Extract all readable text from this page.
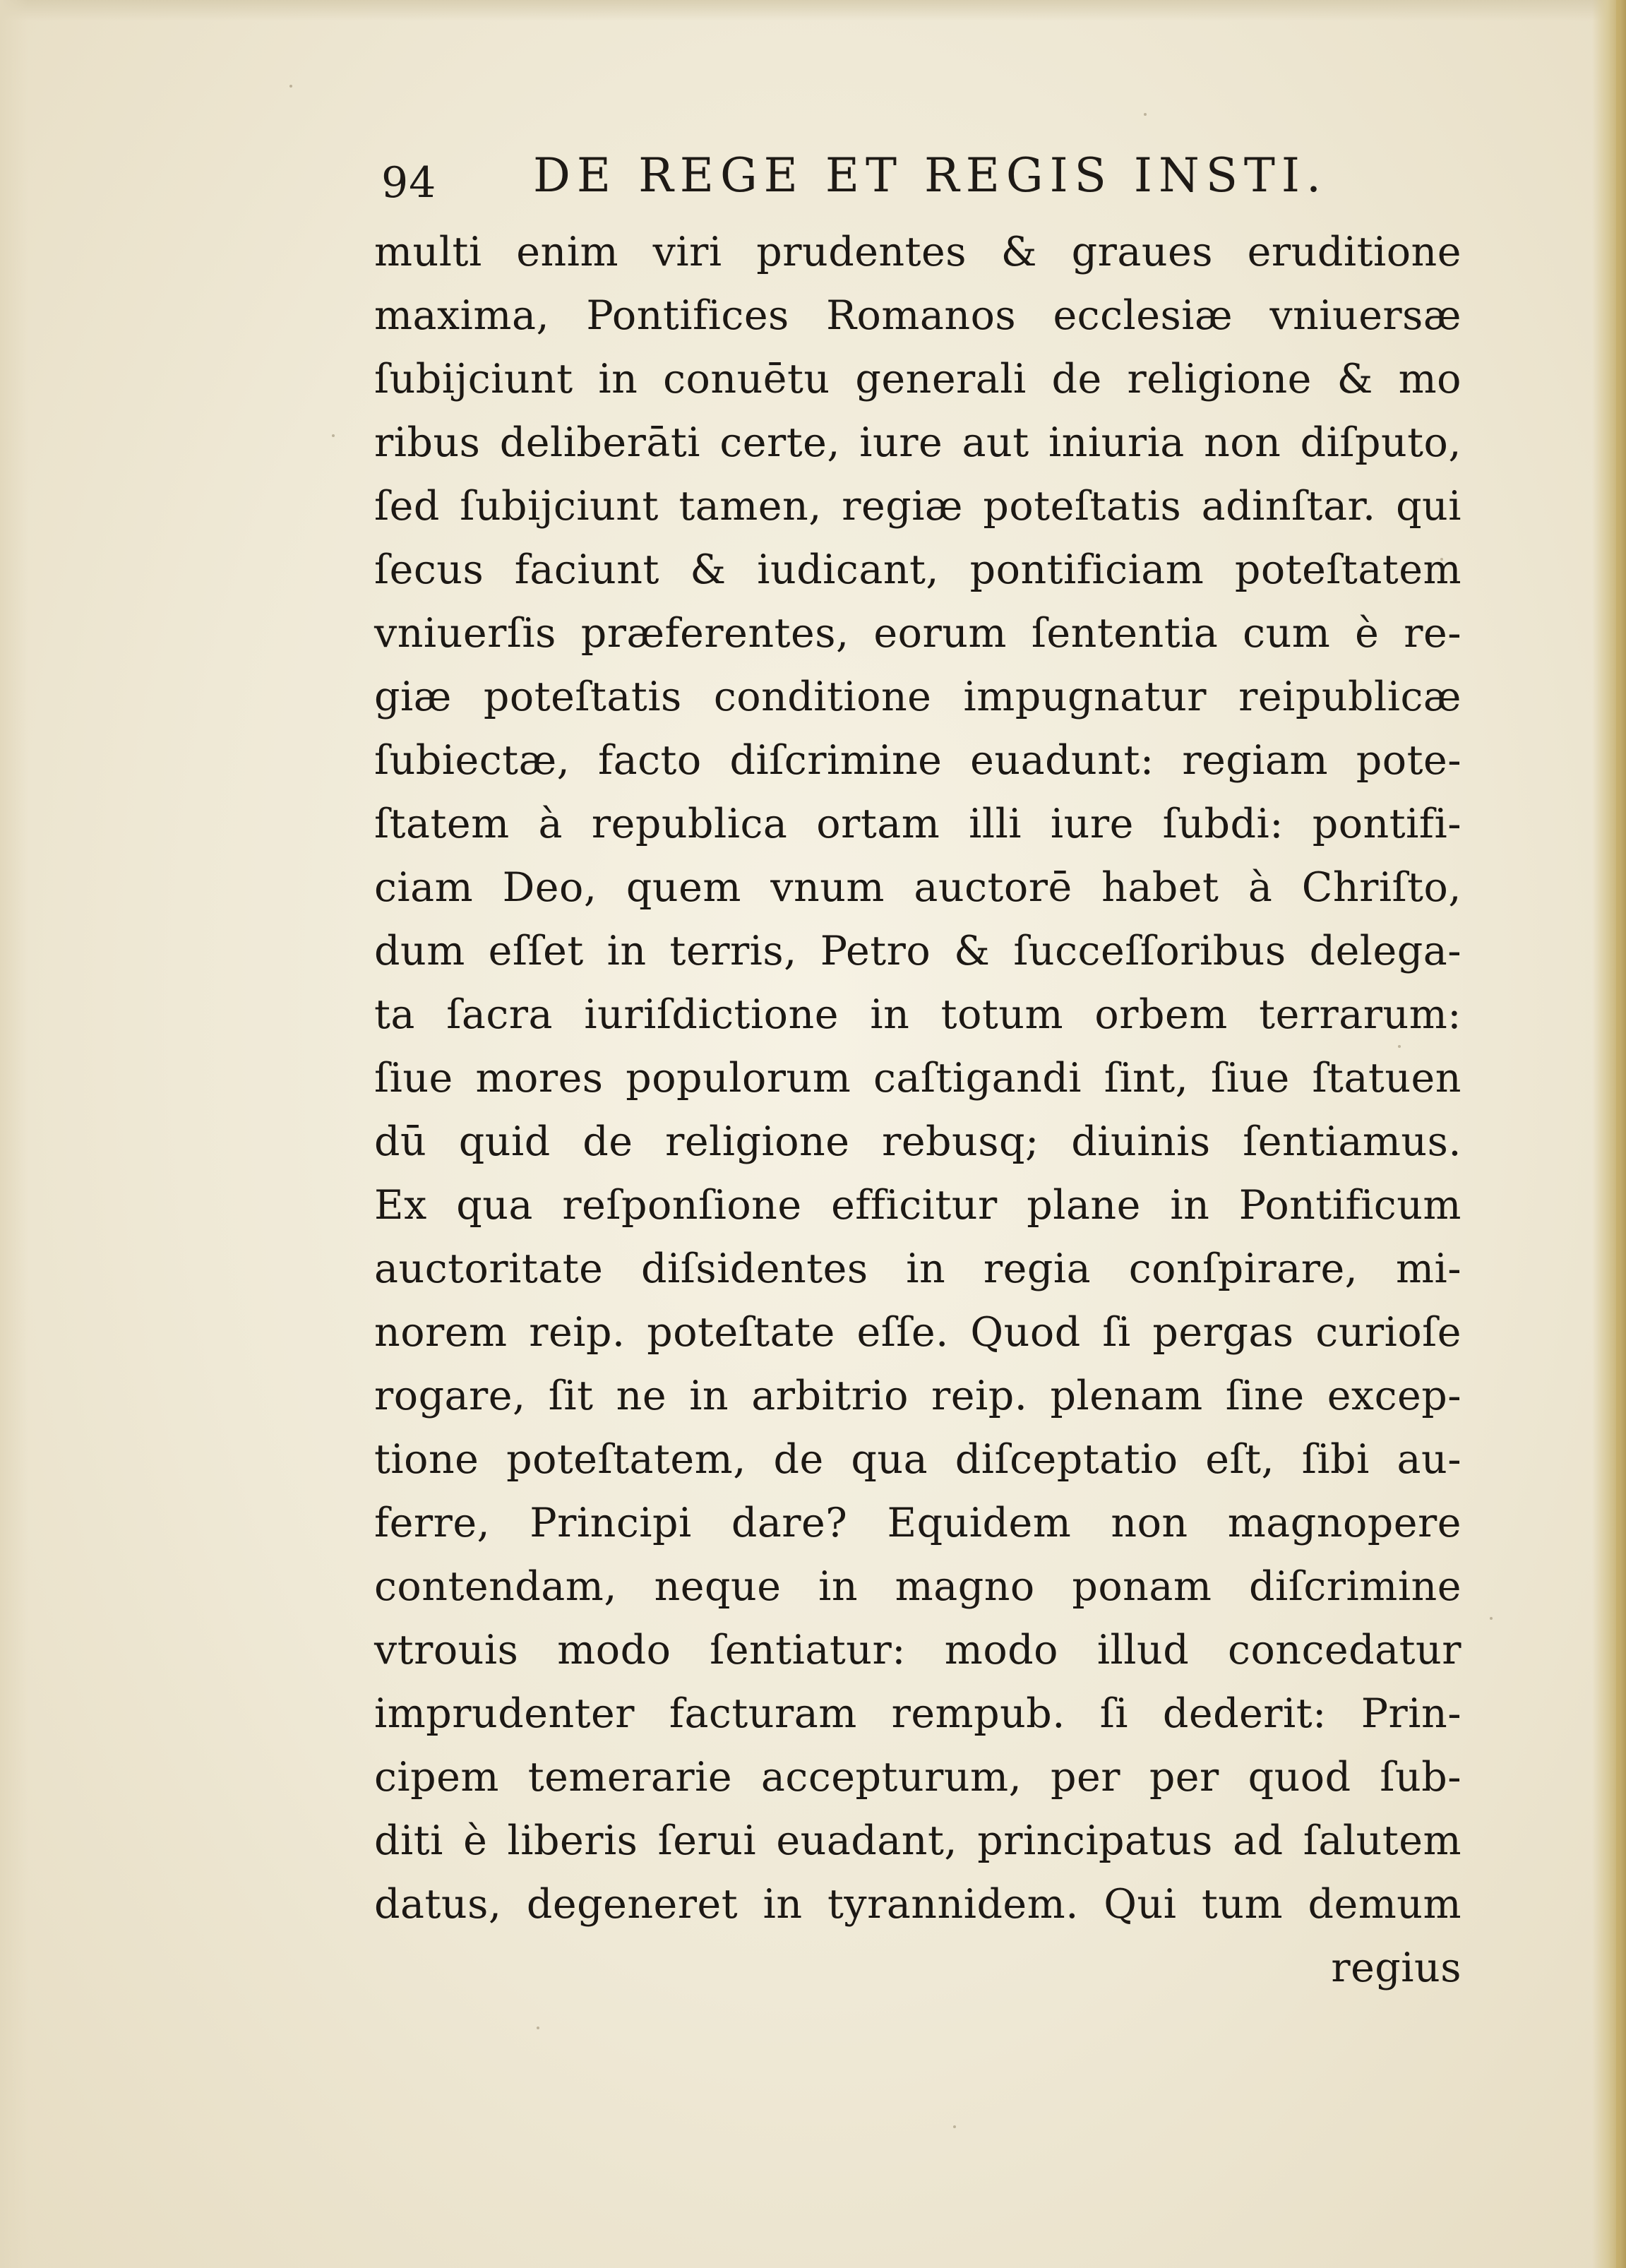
94 DE REGE ET REGIS INSTI.
multi enim viri prudentes & graues eruditione
maxima, Pontifices Romanos ecclesiæ vniuersæ
ſubijciunt in conuētu generali de religione & mo
ribus deliberāti certe, iure aut iniuria non diſputo,
ſed ſubijciunt tamen, regiæ poteſtatis adinſtar. qui
ſecus faciunt & iudicant, pontificiam poteſtatem
vniuerſis præferentes, eorum ſententia cum è re-
giæ poteſtatis conditione impugnatur reipublicæ
ſubiectæ, facto diſcrimine euadunt: regiam pote-
ſtatem à republica ortam illi iure ſubdi: pontifi-
ciam Deo, quem vnum auctorē habet à Chriſto,
dum eſſet in terris, Petro & ſucceſſoribus delega-
ta ſacra iuriſdictione in totum orbem terrarum:
ſiue mores populorum caſtigandi ſint, ſiue ſtatuen
dū quid de religione rebusq; diuinis ſentiamus.
Ex qua reſponſione efficitur plane in Pontificum
auctoritate diſsidentes in regia conſpirare, mi-
norem reip. poteſtate eſſe. Quod ſi pergas curioſe
rogare, ſit ne in arbitrio reip. plenam ſine excep-
tione poteſtatem, de qua diſceptatio eſt, ſibi au-
ferre, Principi dare? Equidem non magnopere
contendam, neque in magno ponam diſcrimine
vtrouis modo ſentiatur: modo illud concedatur
imprudenter facturam rempub. ſi dederit: Prin-
cipem temerarie accepturum, per per quod ſub-
diti è liberis ſerui euadant, principatus ad ſalutem
datus, degeneret in tyrannidem. Qui tum demum
regius
